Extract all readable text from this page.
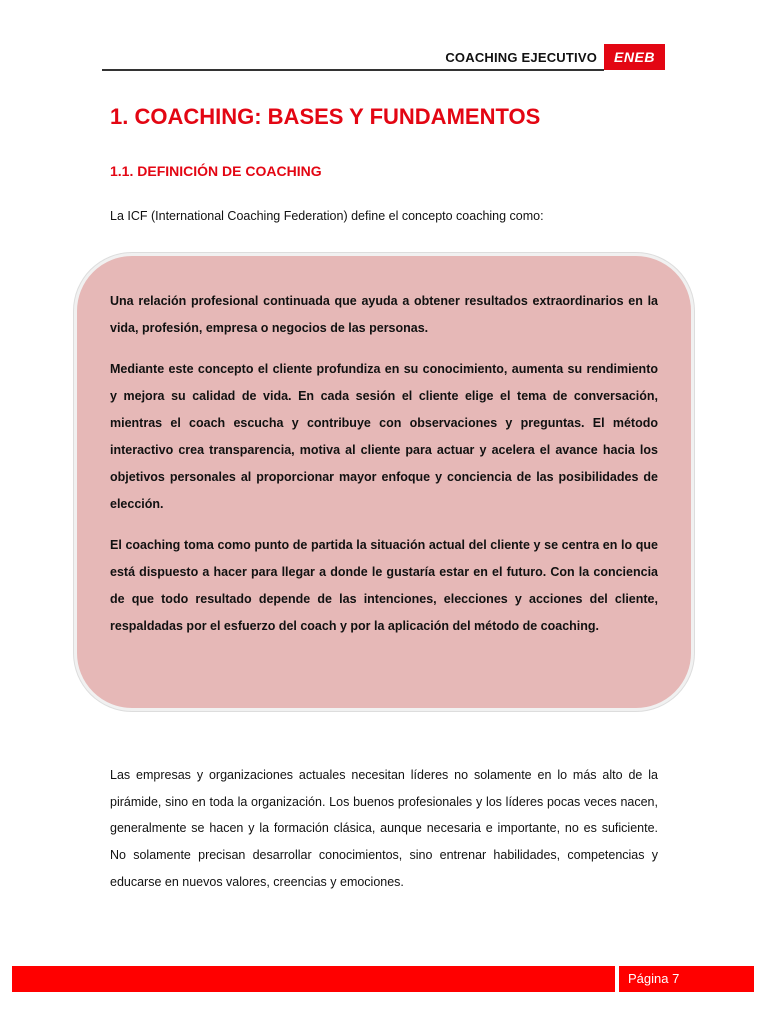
COACHING EJECUTIVO	ENEB
1. COACHING: BASES Y FUNDAMENTOS
1.1. DEFINICIÓN DE COACHING
La ICF (International Coaching Federation) define el concepto coaching como:

Una relación profesional continuada que ayuda a obtener resultados extraordinarios en la vida, profesión, empresa o negocios de las personas.

Mediante este concepto el cliente profundiza en su conocimiento, aumenta su rendimiento y mejora su calidad de vida. En cada sesión el cliente elige el tema de conversación, mientras el coach escucha y contribuye con observaciones y preguntas. El método interactivo crea transparencia, motiva al cliente para actuar y acelera el avance hacia los objetivos personales al proporcionar mayor enfoque y conciencia de las posibilidades de elección.

El coaching toma como punto de partida la situación actual del cliente y se centra en lo que está dispuesto a hacer para llegar a donde le gustaría estar en el futuro. Con la conciencia de que todo resultado depende de las intenciones, elecciones y acciones del cliente, respaldadas por el esfuerzo del coach y por la aplicación del método de coaching.

Las empresas y organizaciones actuales necesitan líderes no solamente en lo más alto de la pirámide, sino en toda la organización. Los buenos profesionales y los líderes pocas veces nacen, generalmente se hacen y la formación clásica, aunque necesaria e importante, no es suficiente. No solamente precisan desarrollar conocimientos, sino entrenar habilidades, competencias y educarse en nuevos valores, creencias y emociones.

Página 7
